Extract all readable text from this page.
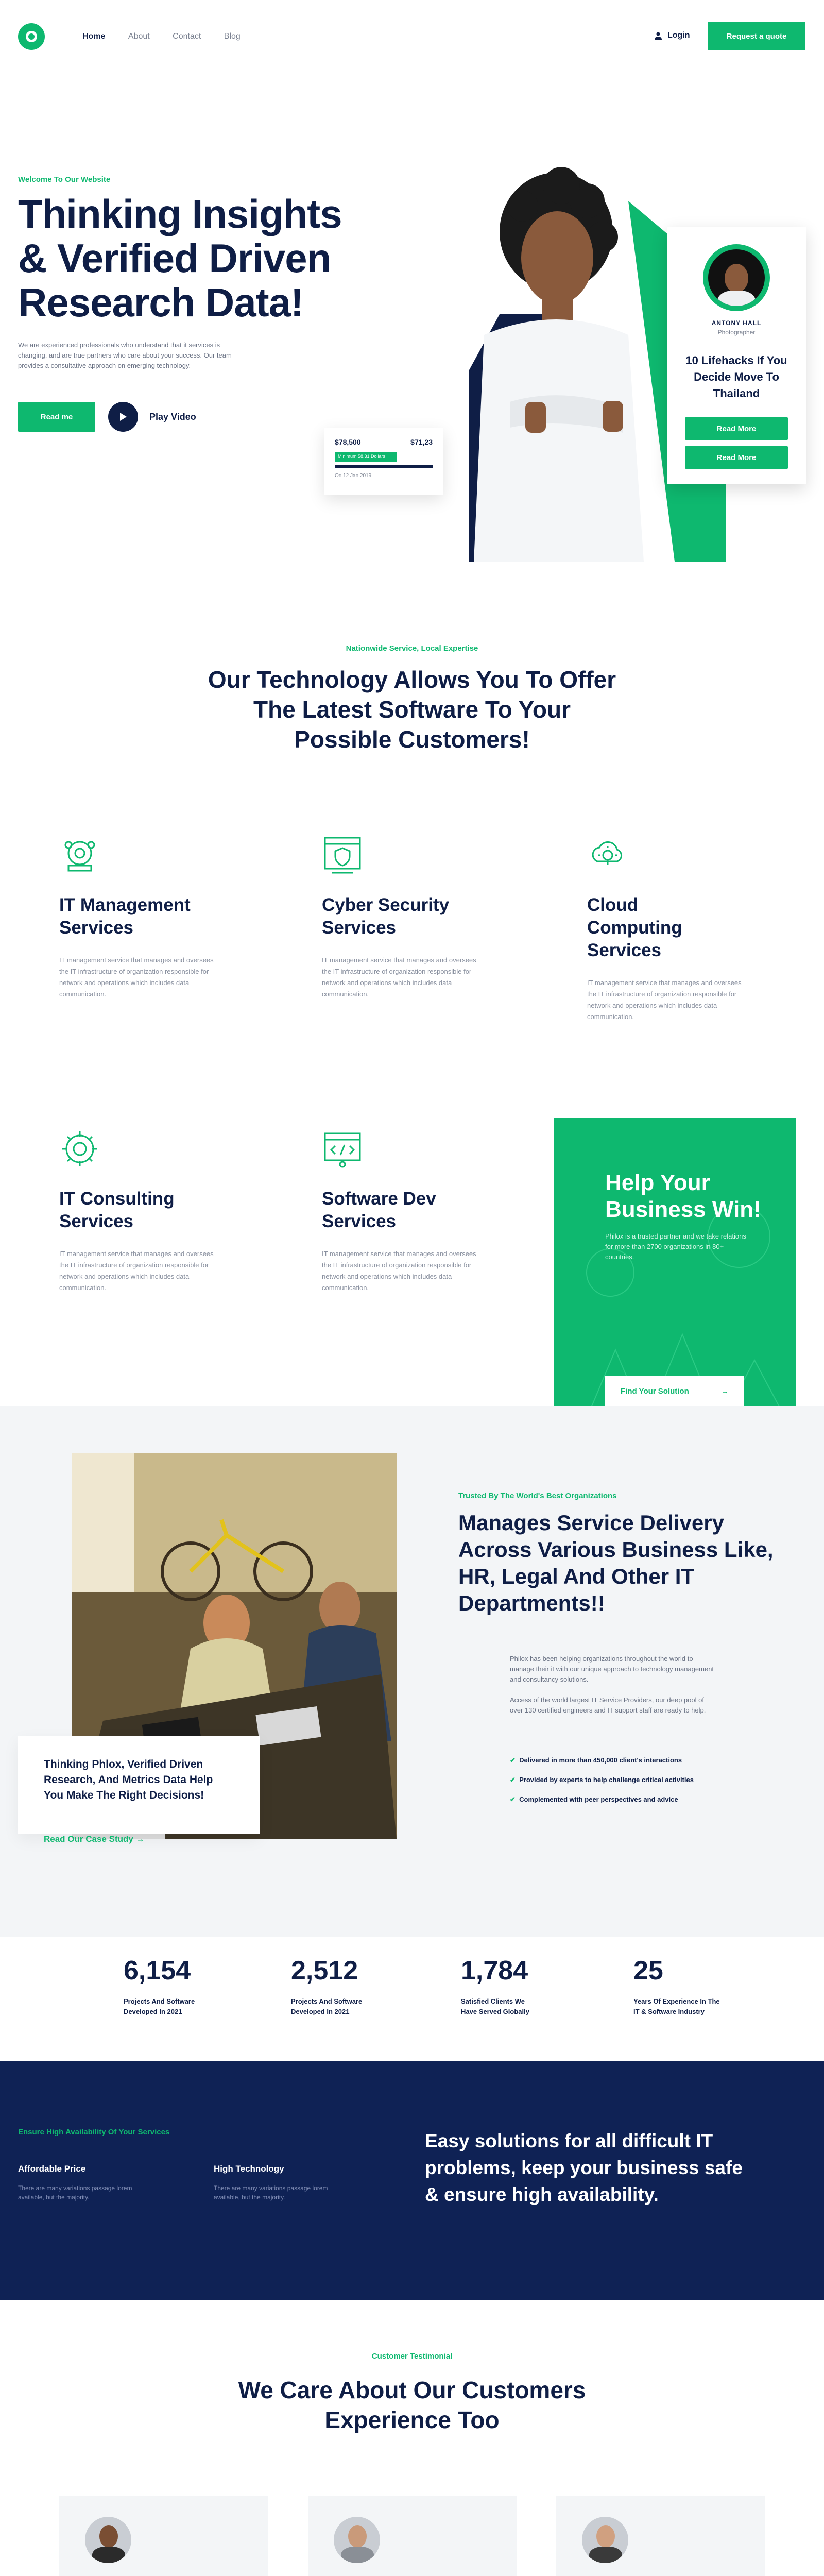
Home	About	Contact	Blog	Login	Request a quote
Welcome To Our Website
Thinking Insights
& Verified Driven
Research Data!

We are experienced professionals who understand that it services is changing, and are true partners who care about your success. Our team provides a consultative approach on emerging technology.

Read me	Play Video
$78,500	$71,23
Minimum 58.31 Dollars
On 12 Jan 2019
ANTONY HALL
Photographer
10 Lifehacks If You Decide Move To Thailand
Read More Read More
Nationwide Service, Local Expertise
Our Technology Allows You To Offer
The Latest Software To Your
Possible Customers!
IT Management
Services

IT management service that manages and oversees the IT infrastructure of organization responsible for network and operations which includes data communication.

Cyber Security
Services

IT management service that manages and oversees the IT infrastructure of organization responsible for network and operations which includes data communication.

Cloud
Computing
Services

IT management service that manages and oversees the IT infrastructure of organization responsible for network and operations which includes data communication.

IT Consulting
Services

IT management service that manages and oversees the IT infrastructure of organization responsible for network and operations which includes data communication.

Software Dev
Services

IT management service that manages and oversees the IT infrastructure of organization responsible for network and operations which includes data communication.

Help Your
Business Win!

Philox is a trusted partner and we take relations for more than 2700 organizations in 80+ countries.

Find Your Solution	→
Thinking Phlox, Verified Driven
Research, And Metrics Data Help
You Make The Right Decisions!
Read Our Case Study →
Trusted By The World's Best Organizations
Manages Service Delivery
Across Various Business Like,
HR, Legal And Other IT
Departments!!

Philox has been helping organizations throughout the world to manage their it with our unique approach to technology management and consultancy solutions.

Access of the world largest IT Service Providers, our deep pool of over 130 certified engineers and IT support staff are ready to help.

✔ Delivered in more than 450,000 client's interactions
✔ Provided by experts to help challenge critical activities
✔ Complemented with peer perspectives and advice
6,154

Projects And Software
Developed In 2021

2,512

Projects And Software
Developed In 2021

1,784

Satisfied Clients We
Have Served Globally

25

Years Of Experience In The
IT & Software Industry

Ensure High Availability Of Your Services
Affordable Price
There are many variations passage lorem available, but the majority.
High Technology
There are many variations passage lorem available, but the majority.
Easy solutions for all difficult IT
problems, keep your business safe
& ensure high availability.
Customer Testimonial
We Care About Our Customers
Experience Too
